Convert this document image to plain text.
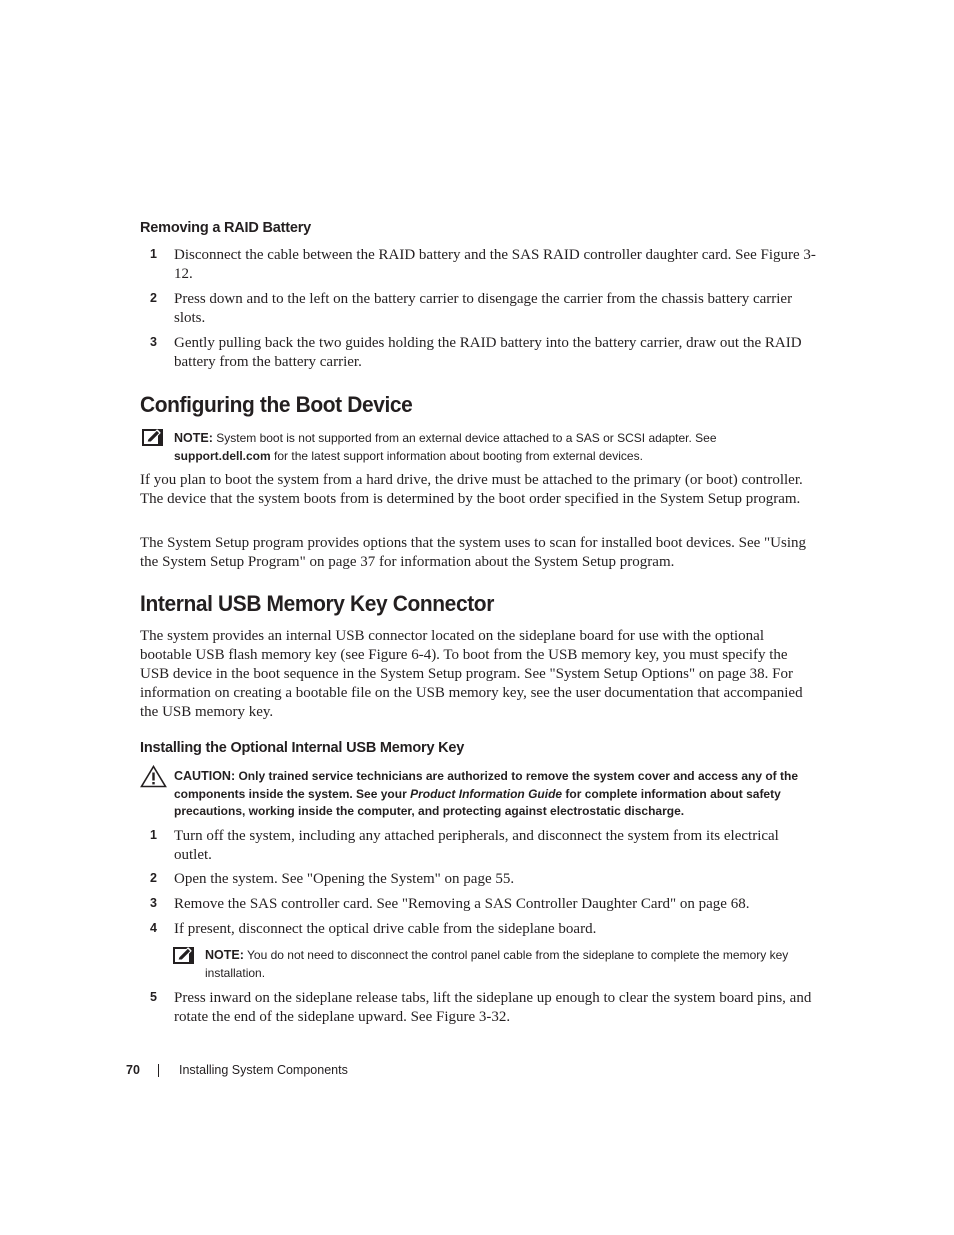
Removing a RAID Battery
1 Disconnect the cable between the RAID battery and the SAS RAID controller daughter card. See Figure 3-12.
2 Press down and to the left on the battery carrier to disengage the carrier from the chassis battery carrier slots.
3 Gently pulling back the two guides holding the RAID battery into the battery carrier, draw out the RAID battery from the battery carrier.
Configuring the Boot Device
NOTE: System boot is not supported from an external device attached to a SAS or SCSI adapter. See
support.dell.com for the latest support information about booting from external devices.

If you plan to boot the system from a hard drive, the drive must be attached to the primary (or boot) controller. The device that the system boots from is determined by the boot order specified in the System Setup program.

The System Setup program provides options that the system uses to scan for installed boot devices. See "Using the System Setup Program" on page 37 for information about the System Setup program.

Internal USB Memory Key Connector

The system provides an internal USB connector located on the sideplane board for use with the optional bootable USB flash memory key (see Figure 6-4). To boot from the USB memory key, you must specify the USB device in the boot sequence in the System Setup program. See "System Setup Options" on page 38. For information on creating a bootable file on the USB memory key, see the user documentation that accompanied the USB memory key.

Installing the Optional Internal USB Memory Key
CAUTION: Only trained service technicians are authorized to remove the system cover and access any of the components inside the system. See your Product Information Guide for complete information about safety precautions, working inside the computer, and protecting against electrostatic discharge.
1 Turn off the system, including any attached peripherals, and disconnect the system from its electrical outlet.
2 Open the system. See "Opening the System" on page 55.
3 Remove the SAS controller card. See "Removing a SAS Controller Daughter Card" on page 68.
4 If present, disconnect the optical drive cable from the sideplane board.
NOTE: You do not need to disconnect the control panel cable from the sideplane to complete the memory key installation.
5 Press inward on the sideplane release tabs, lift the sideplane up enough to clear the system board pins, and rotate the end of the sideplane upward. See Figure 3-32.
70	Installing System Components
